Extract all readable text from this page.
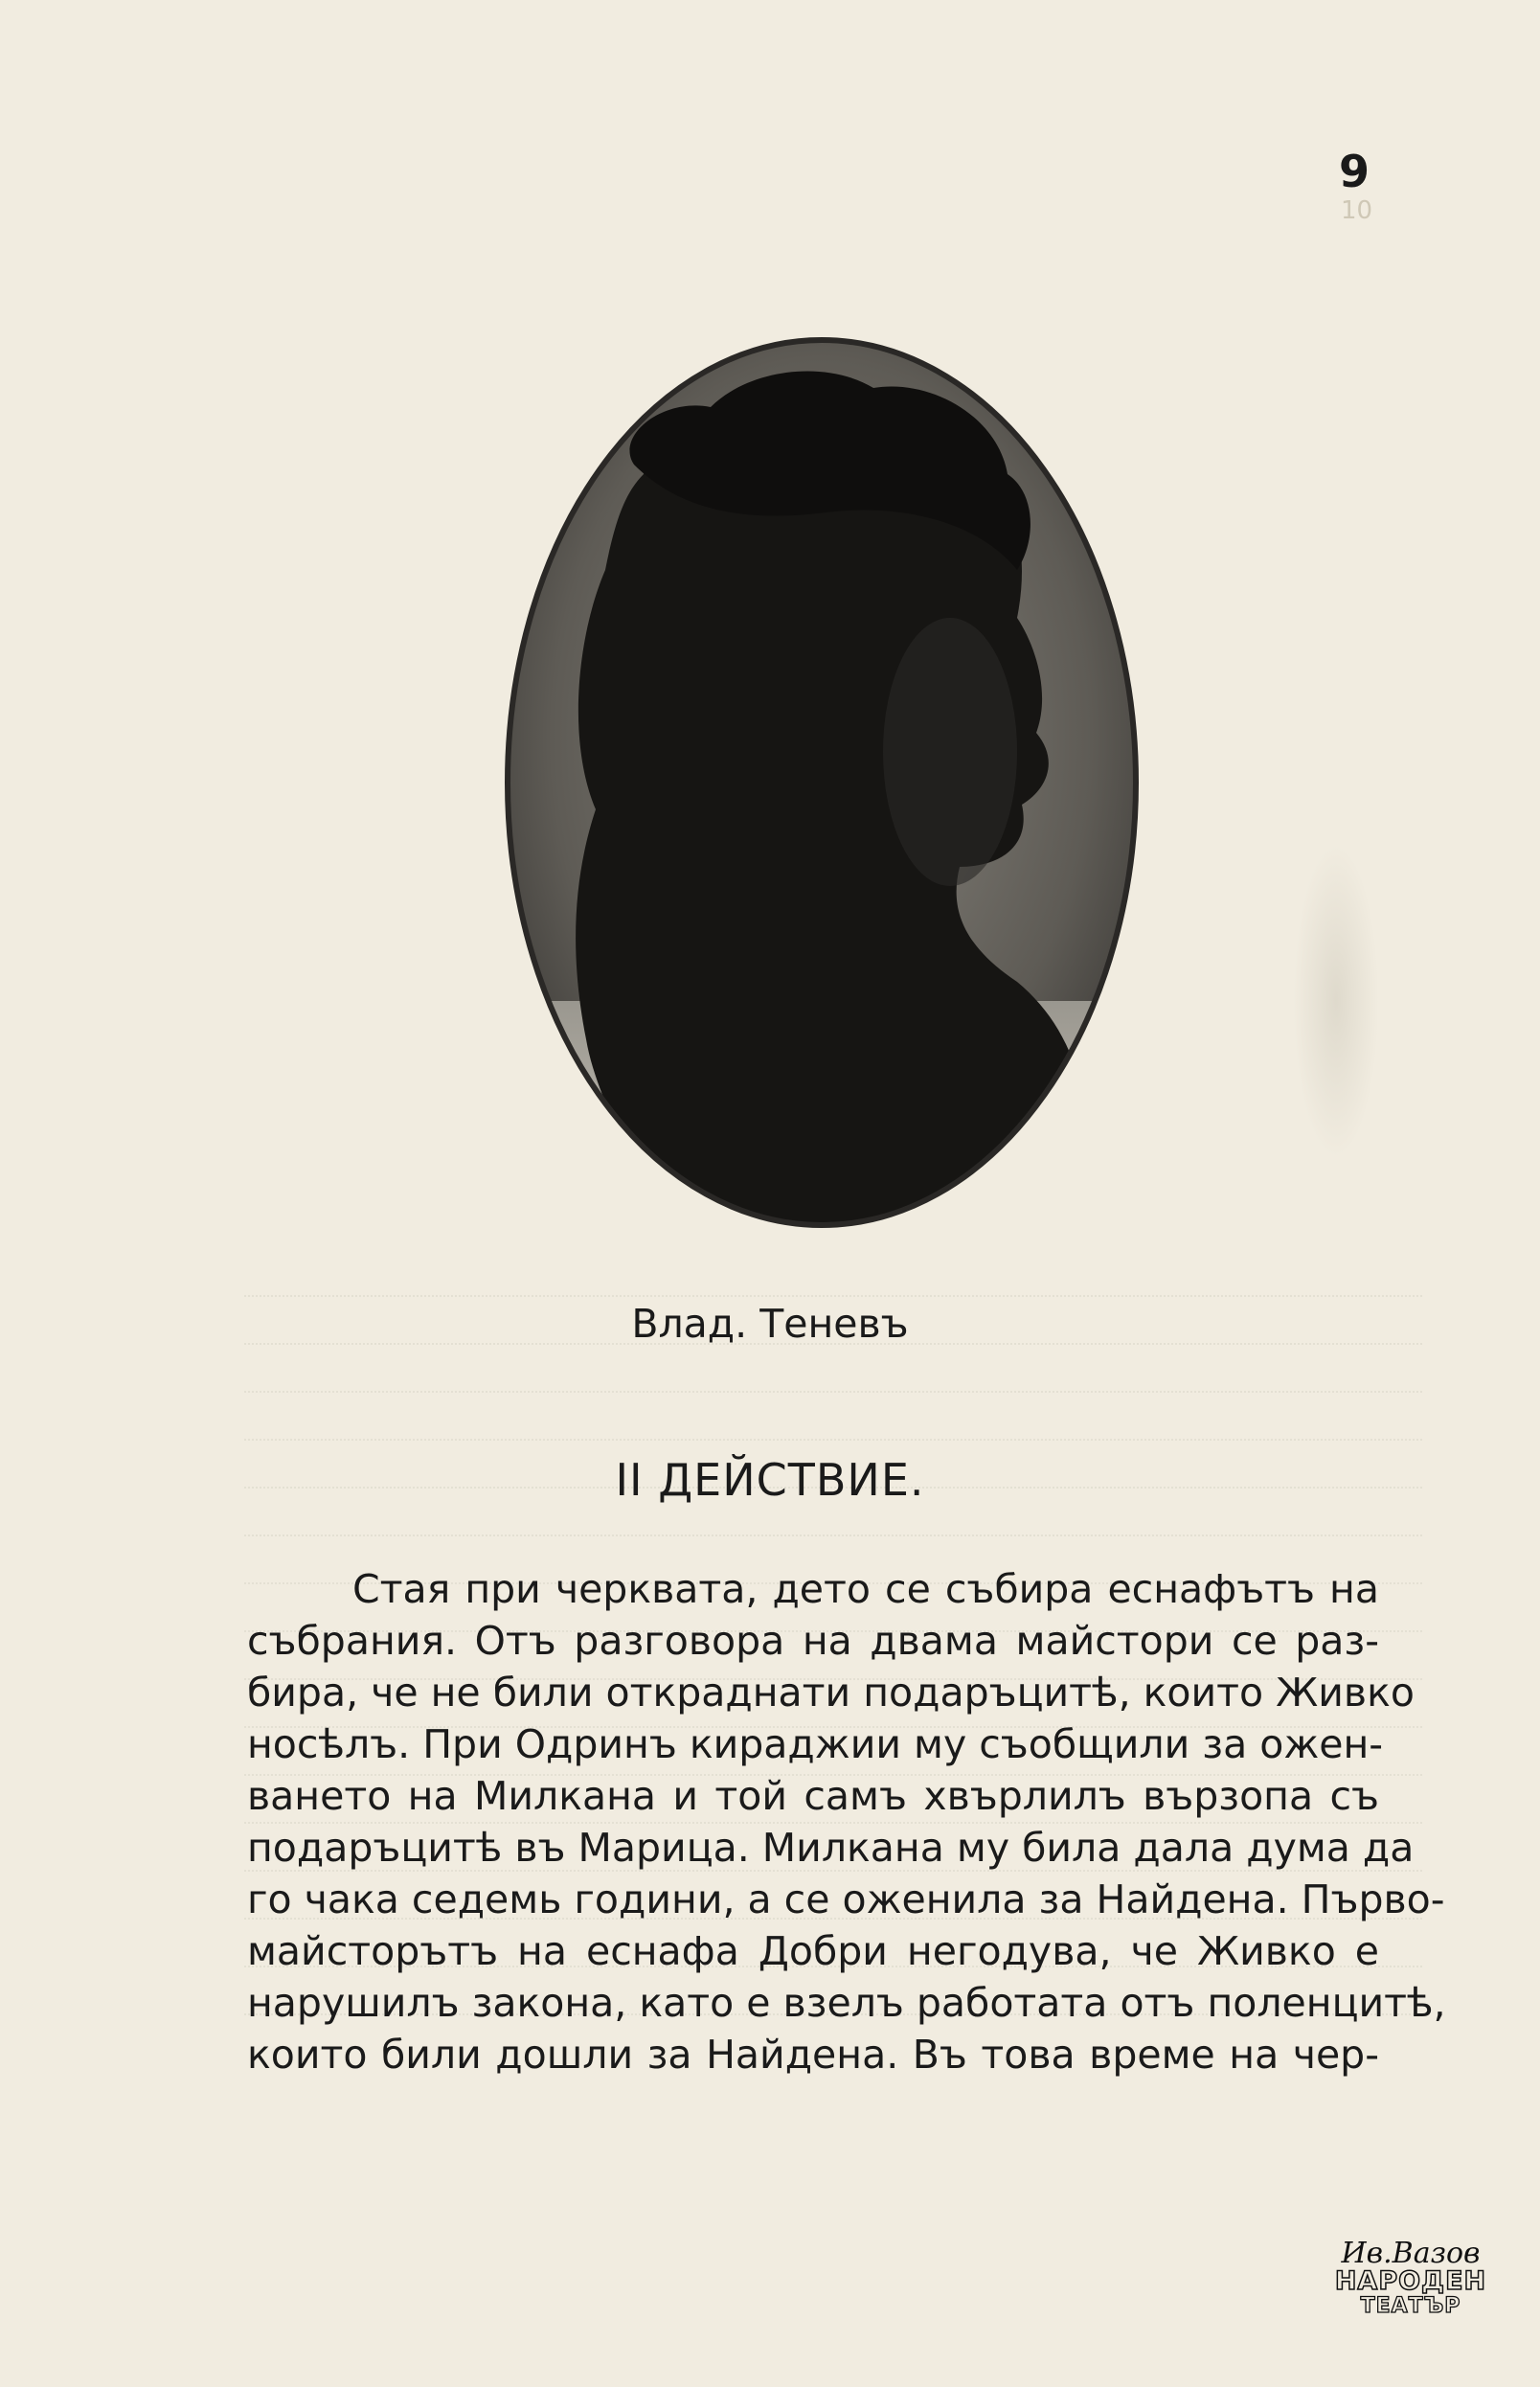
9
10
Влад. Теневъ
II ДЕЙСТВИЕ.
Стая при черквата, дето се събира еснафътъ на
събрания. Отъ разговора на двама майстори се раз-
бира, че не били откраднати подаръцитѣ, които Живко
носѣлъ. При Одринъ кираджии му съобщили за ожен-
ването на Милкана и той самъ хвърлилъ вързопа съ
подаръцитѣ въ Марица. Милкана му била дала дума да
го чака седемь години, а се оженила за Найдена. Първо-
майсторътъ на еснафа Добри негодува, че Живко е
нарушилъ закона, като е взелъ работата отъ поленцитѣ,
които били дошли за Найдена. Въ това време на чер-
Ив.Вазов
НАРОДЕН
ТЕАТЪР
